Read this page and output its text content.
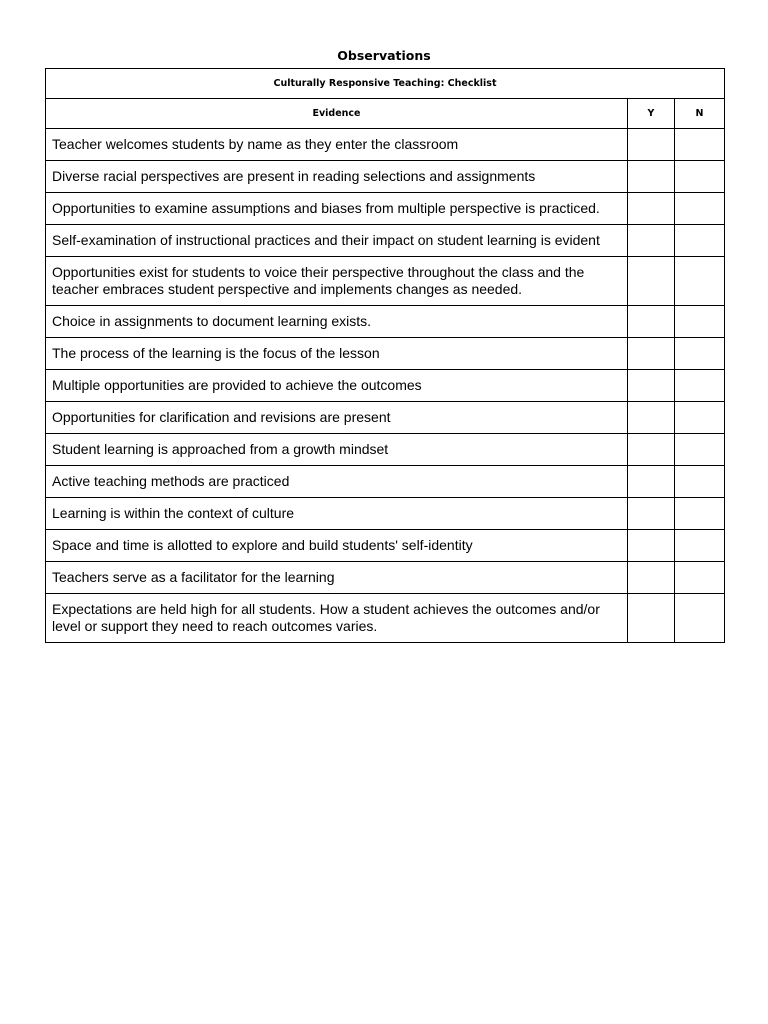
Observations
Culturally Responsive Teaching: Checklist		
Evidence	Y	N
Teacher welcomes students by name as they enter the classroom		
Diverse racial perspectives are present in reading selections and assignments		
Opportunities to examine assumptions and biases from multiple perspective is practiced.		
Self-examination of instructional practices and their impact on student learning is evident		
Opportunities exist for students to voice their perspective throughout the class and the teacher embraces student perspective and implements changes as needed.		
Choice in assignments to document learning exists.		
The process of the learning is the focus of the lesson		
Multiple opportunities are provided to achieve the outcomes		
Opportunities for clarification and revisions are present		
Student learning is approached from a growth mindset		
Active teaching methods are practiced		
Learning is within the context of culture		
Space and time is allotted to explore and build students' self-identity		
Teachers serve as a facilitator for the learning		
Expectations are held high for all students. How a student achieves the outcomes and/or level or support they need to reach outcomes varies.		
